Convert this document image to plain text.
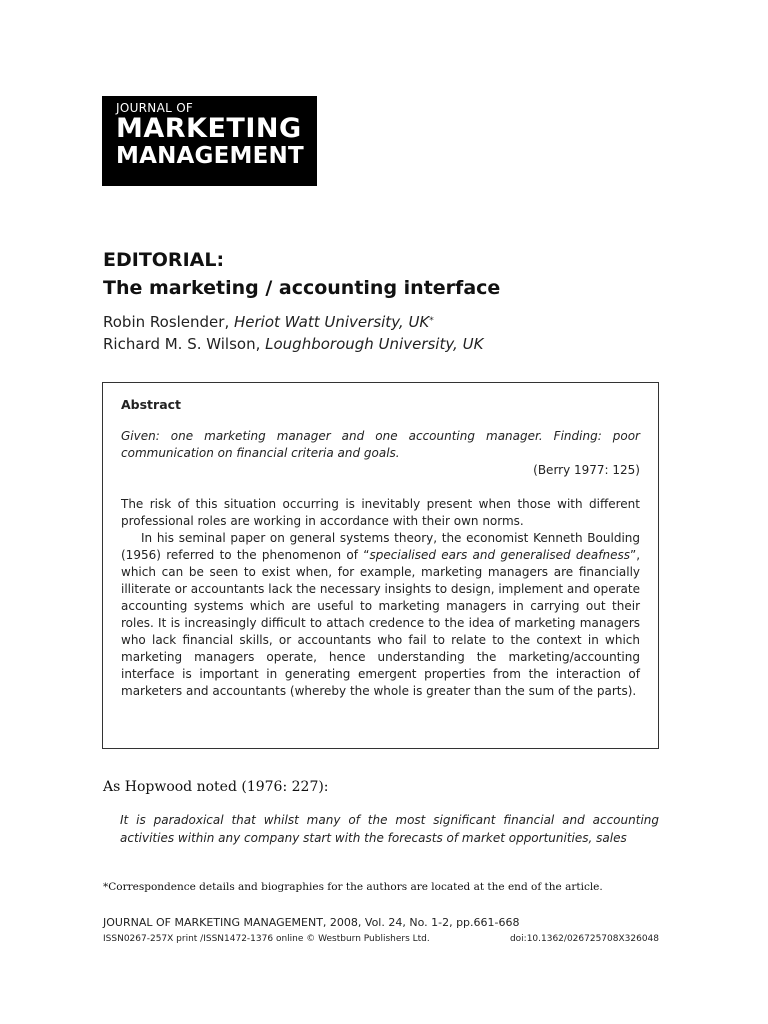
JOURNAL OF
MARKETING
MANAGEMENT
EDITORIAL:
The marketing / accounting interface
Robin Roslender, Heriot Watt University, UK*
Richard M. S. Wilson, Loughborough University, UK
Abstract
Given: one marketing manager and one accounting manager. Finding: poor communication on financial criteria and goals.
(Berry 1977: 125)

The risk of this situation occurring is inevitably present when those with different professional roles are working in accordance with their own norms.

In his seminal paper on general systems theory, the economist Kenneth Boulding (1956) referred to the phenomenon of “specialised ears and generalised deafness”, which can be seen to exist when, for example, marketing managers are financially illiterate or accountants lack the necessary insights to design, implement and operate accounting systems which are useful to marketing managers in carrying out their roles. It is increasingly difficult to attach credence to the idea of marketing managers who lack financial skills, or accountants who fail to relate to the context in which marketing managers operate, hence understanding the marketing/accounting interface is important in generating emergent properties from the interaction of marketers and accountants (whereby the whole is greater than the sum of the parts).

As Hopwood noted (1976: 227):
It is paradoxical that whilst many of the most significant financial and accounting activities within any company start with the forecasts of market opportunities, sales
*Correspondence details and biographies for the authors are located at the end of the article.
JOURNAL OF MARKETING MANAGEMENT, 2008, Vol. 24, No. 1-2, pp.661-668
ISSN0267-257X print /ISSN1472-1376 online © Westburn Publishers Ltd.	doi:10.1362/026725708X326048
